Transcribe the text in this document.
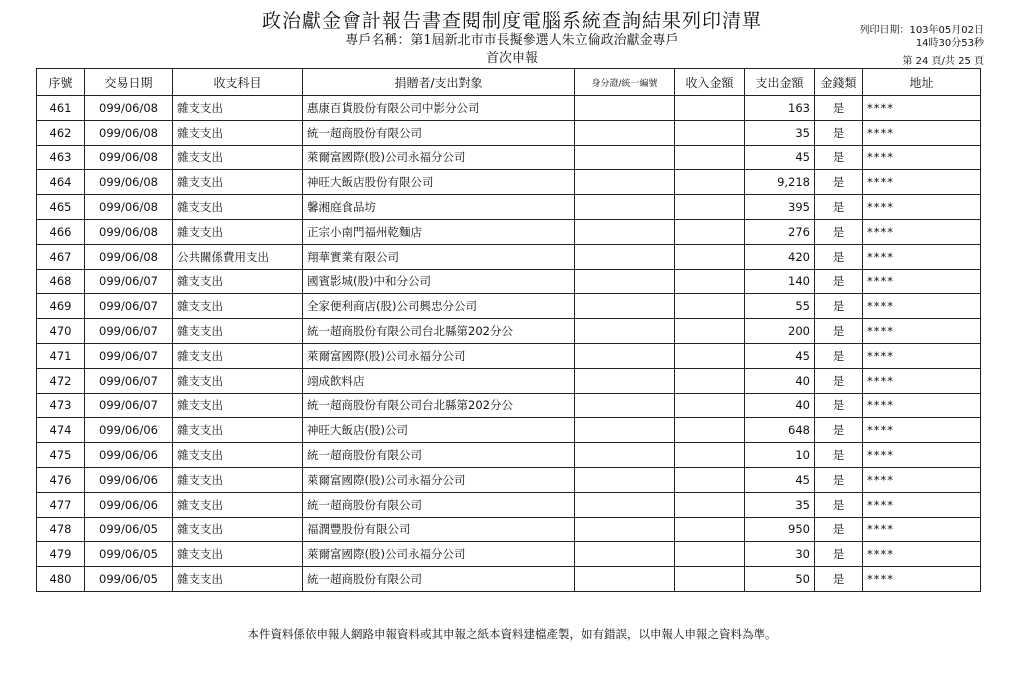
政治獻金會計報告書查閱制度電腦系統查詢結果列印清單
專戶名稱：第1屆新北市市長擬參選人朱立倫政治獻金專戶
首次申報
列印日期：103年05月02日
14時30分53秒
第 24 頁/共 25 頁
序號	交易日期	收支科目	捐贈者/支出對象	身分證/統一編號	收入金額	支出金額	金錢類	地址
461	099/06/08	雜支支出	惠康百貨股份有限公司中影分公司			163	是	****
462	099/06/08	雜支支出	統一超商股份有限公司			35	是	****
463	099/06/08	雜支支出	萊爾富國際(股)公司永福分公司			45	是	****
464	099/06/08	雜支支出	神旺大飯店股份有限公司			9,218	是	****
465	099/06/08	雜支支出	馨湘庭食品坊			395	是	****
466	099/06/08	雜支支出	正宗小南門福州乾麵店			276	是	****
467	099/06/08	公共關係費用支出	翔華實業有限公司			420	是	****
468	099/06/07	雜支支出	國賓影城(股)中和分公司			140	是	****
469	099/06/07	雜支支出	全家便利商店(股)公司興忠分公司			55	是	****
470	099/06/07	雜支支出	統一超商股份有限公司台北縣第202分公			200	是	****
471	099/06/07	雜支支出	萊爾富國際(股)公司永福分公司			45	是	****
472	099/06/07	雜支支出	翊成飲料店			40	是	****
473	099/06/07	雜支支出	統一超商股份有限公司台北縣第202分公			40	是	****
474	099/06/06	雜支支出	神旺大飯店(股)公司			648	是	****
475	099/06/06	雜支支出	統一超商股份有限公司			10	是	****
476	099/06/06	雜支支出	萊爾富國際(股)公司永福分公司			45	是	****
477	099/06/06	雜支支出	統一超商股份有限公司			35	是	****
478	099/06/05	雜支支出	福潤豐股份有限公司			950	是	****
479	099/06/05	雜支支出	萊爾富國際(股)公司永福分公司			30	是	****
480	099/06/05	雜支支出	統一超商股份有限公司			50	是	****
本件資料係依申報人網路申報資料或其申報之紙本資料建檔產製，如有錯誤，以申報人申報之資料為準。
